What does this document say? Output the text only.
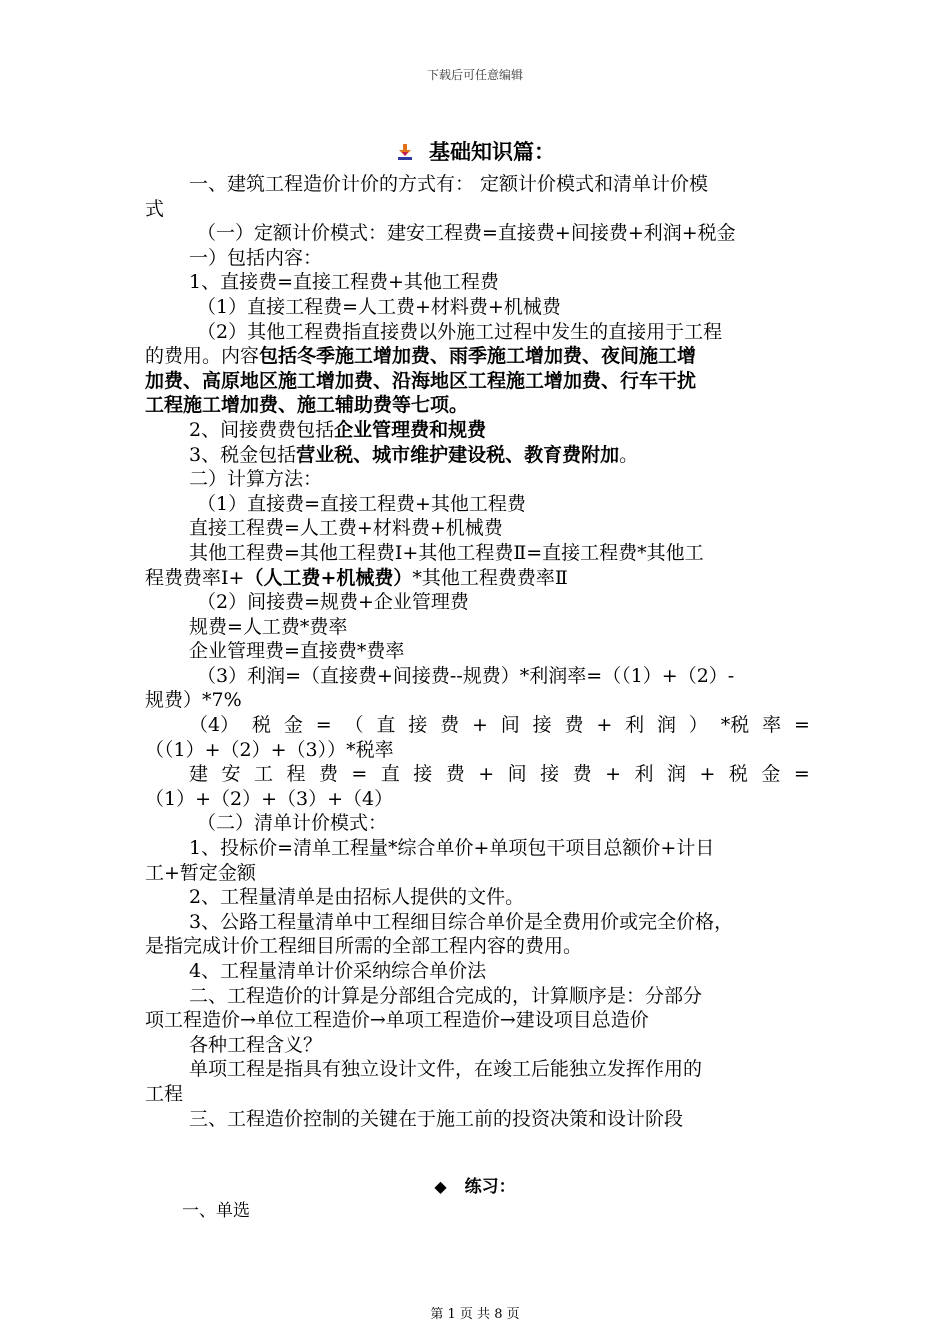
下载后可任意编辑
基础知识篇：
一、建筑工程造价计价的方式有： 定额计价模式和清单计价模
式
（一）定额计价模式：建安工程费=直接费+间接费+利润+税金
一）包括内容：
1、直接费=直接工程费+其他工程费
（1）直接工程费=人工费+材料费+机械费
（2）其他工程费指直接费以外施工过程中发生的直接用于工程
的费用。内容包括冬季施工增加费、雨季施工增加费、夜间施工增
加费、高原地区施工增加费、沿海地区工程施工增加费、行车干扰
工程施工增加费、施工辅助费等七项。
2、间接费费包括企业管理费和规费
3、税金包括营业税、城市维护建设税、教育费附加。
二）计算方法：
（1）直接费=直接工程费+其他工程费
直接工程费=人工费+材料费+机械费
其他工程费=其他工程费Ⅰ+其他工程费Ⅱ=直接工程费*其他工
程费费率Ⅰ+（人工费+机械费）*其他工程费费率Ⅱ
（2）间接费=规费+企业管理费
规费=人工费*费率
企业管理费=直接费*费率
（3）利润=（直接费+间接费--规费）*利润率=（（1）+（2）-
规费）*7%
（4） 税 金 = （ 直 接 费 + 间 接 费 + 利 润 ） *税 率 =
（（1）+（2）+（3））*税率
建 安 工 程 费 = 直 接 费 + 间 接 费 + 利 润 + 税 金 =
（1）+（2）+（3）+（4）
（二）清单计价模式：
1、投标价=清单工程量*综合单价+单项包干项目总额价+计日
工+暂定金额
2、工程量清单是由招标人提供的文件。
3、公路工程量清单中工程细目综合单价是全费用价或完全价格，
是指完成计价工程细目所需的全部工程内容的费用。
4、工程量清单计价采纳综合单价法
二、工程造价的计算是分部组合完成的，计算顺序是：分部分
项工程造价→单位工程造价→单项工程造价→建设项目总造价
各种工程含义？
单项工程是指具有独立设计文件，在竣工后能独立发挥作用的
工程
三、工程造价控制的关键在于施工前的投资决策和设计阶段
◆ 练习：
一、单选
第 1 页 共 8 页
